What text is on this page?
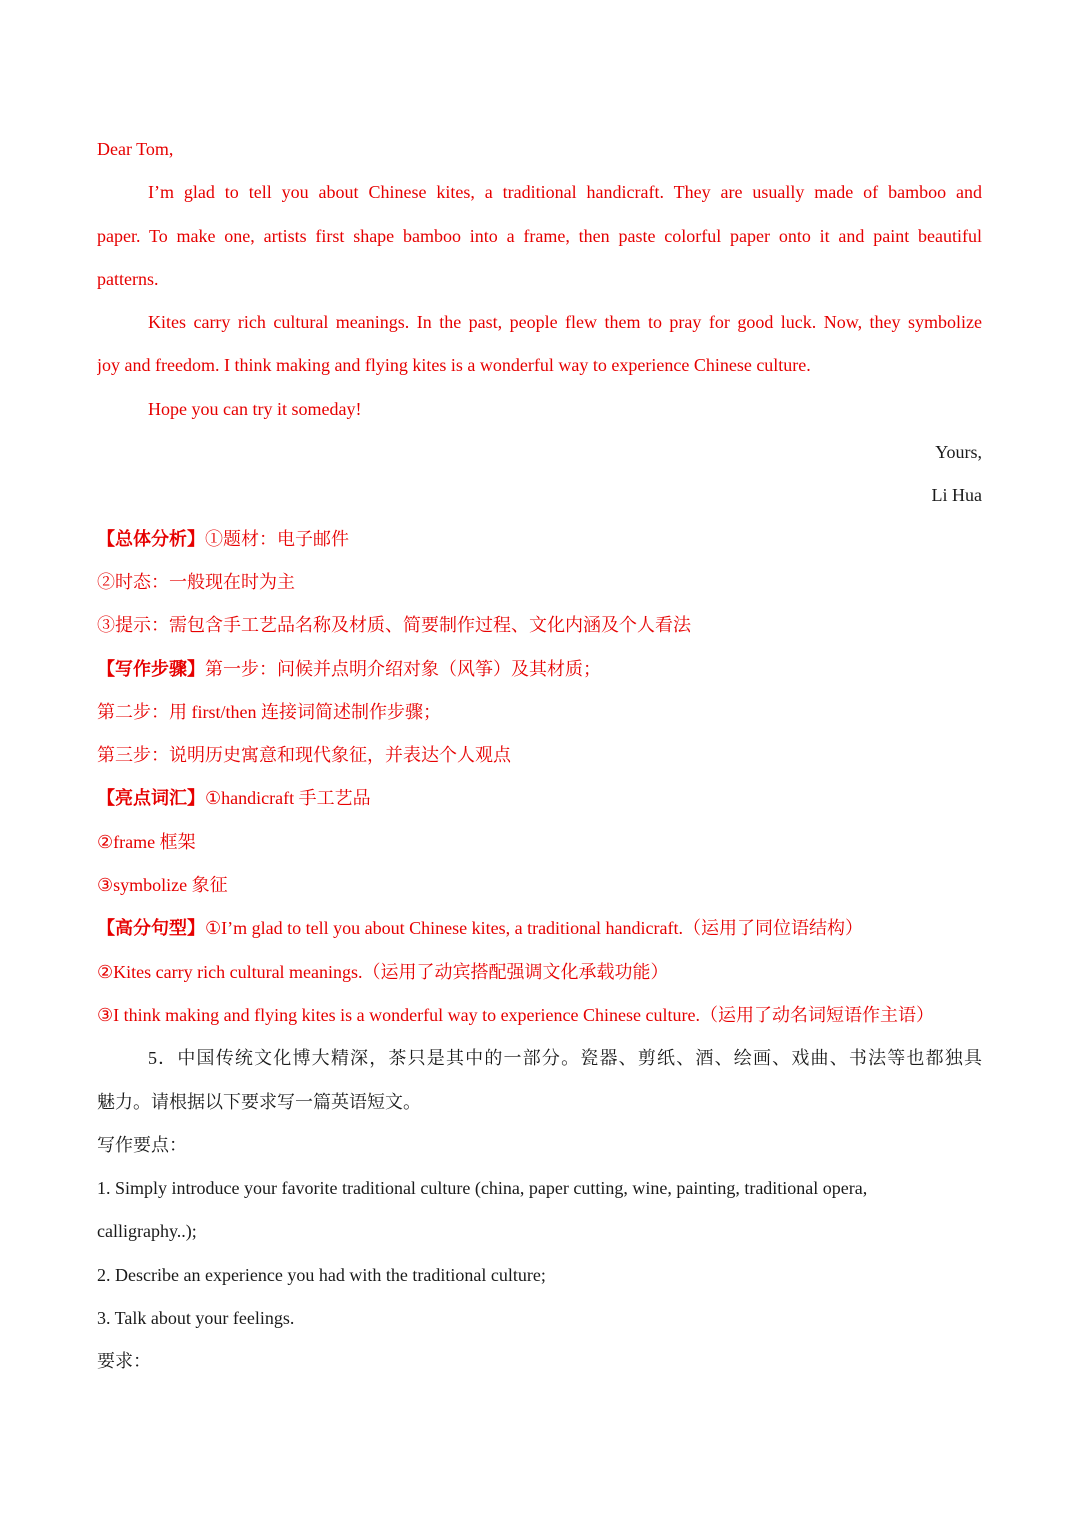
Dear Tom,
I’m glad to tell you about Chinese kites, a traditional handicraft. They are usually made of bamboo and
paper. To make one, artists first shape bamboo into a frame, then paste colorful paper onto it and paint beautiful
patterns.
Kites carry rich cultural meanings. In the past, people flew them to pray for good luck. Now, they symbolize
joy and freedom. I think making and flying kites is a wonderful way to experience Chinese culture.
Hope you can try it someday!
Yours,
Li Hua
【总体分析】①题材：电子邮件
②时态：一般现在时为主
③提示：需包含手工艺品名称及材质、简要制作过程、文化内涵及个人看法
【写作步骤】第一步：问候并点明介绍对象（风筝）及其材质；
第二步：用 first/then 连接词简述制作步骤；
第三步：说明历史寓意和现代象征，并表达个人观点
【亮点词汇】①handicraft 手工艺品
②frame 框架
③symbolize 象征
【高分句型】①I’m glad to tell you about Chinese kites, a traditional handicraft.（运用了同位语结构）
②Kites carry rich cultural meanings.（运用了动宾搭配强调文化承载功能）
③I think making and flying kites is a wonderful way to experience Chinese culture.（运用了动名词短语作主语）
5．中国传统文化博大精深，茶只是其中的一部分。瓷器、剪纸、酒、绘画、戏曲、书法等也都独具
魅力。请根据以下要求写一篇英语短文。
写作要点：
1. Simply introduce your favorite traditional culture (china, paper cutting, wine, painting, traditional opera,
calligraphy..);
2. Describe an experience you had with the traditional culture;
3. Talk about your feelings.
要求：
